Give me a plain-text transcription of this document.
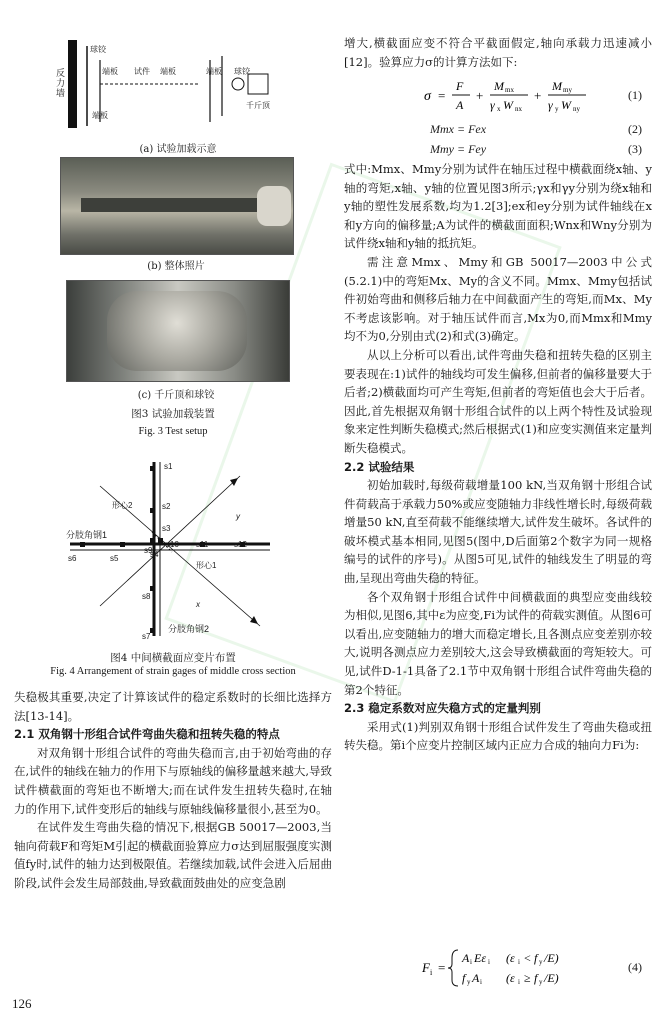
反力墙
球铰
端板 试件 端板	端板 球铰
千斤顶
端板
(a) 试验加载示意
(b) 整体照片
(c) 千斤顶和球铰
图3 试验加载装置
Fig. 3 Test setup
s1
s2
s3
s4
s5
s6
s7
s8
s9
s10 s11	s12
形心2
形心1
分肢角钢1
分肢角钢2
y
x
图4 中间横截面应变片布置
Fig. 4 Arrangement of strain gages of middle cross section

失稳极其重要,决定了计算该试件的稳定系数时的长细比选择方法[13-14]。

2.1 双角钢十形组合试件弯曲失稳和扭转失稳的特点

对双角钢十形组合试件的弯曲失稳而言,由于初始弯曲的存在,试件的轴线在轴力的作用下与原轴线的偏移量越来越大,导致试件横截面的弯矩也不断增大;而在试件发生扭转失稳时,在轴力的作用下,试件变形后的轴线与原轴线偏移量很小,甚至为0。

在试件发生弯曲失稳的情况下,根据GB 50017—2003,当轴向荷载F和弯矩M引起的横截面验算应力σ达到屈服强度实测值fy时,试件的轴力达到极限值。若继续加载,试件会进入后屈曲阶段,试件会发生局部鼓曲,导致截面鼓曲处的应变急剧

增大,横截面应变不符合平截面假定,轴向承载力迅速减小[12]。验算应力σ的计算方法如下:

σ =
F
A
+
M mx
γ x W nx
+
M my
γ y W ny
(1)
Mmx = Fex	(2)
Mmy = Fey	(3)

式中:Mmx、Mmy分别为试件在轴压过程中横截面绕x轴、y轴的弯矩,x轴、y轴的位置见图3所示;γx和γy分别为绕x轴和y轴的塑性发展系数,均为1.2[3];ex和ey分别为试件轴线在x和y方向的偏移量;A为试件的横截面面积;Wnx和Wny分别为试件绕x轴和y轴的抵抗矩。

需注意Mmx、Mmy和GB 50017—2003中公式(5.2.1)中的弯矩Mx、My的含义不同。Mmx、Mmy包括试件初始弯曲和侧移后轴力在中间截面产生的弯矩,而Mx、My不考虑该影响。对于轴压试件而言,Mx为0,而Mmx和Mmy均不为0,分别由式(2)和式(3)确定。

从以上分析可以看出,试件弯曲失稳和扭转失稳的区别主要表现在:1)试件的轴线均可发生偏移,但前者的偏移量要大于后者;2)横截面均可产生弯矩,但前者的弯矩值也会大于后者。因此,首先根据双角钢十形组合试件的以上两个特性及试验现象来定性判断失稳模式;然后根据式(1)和应变实测值来定量判断失稳模式。

2.2 试验结果

初始加载时,每级荷载增量100 kN,当双角钢十形组合试件荷载高于承载力50%或应变随轴力非线性增长时,每级荷载增量50 kN,直至荷载不能继续增大,试件发生破坏。各试件的破坏模式基本相同,见图5(图中,D后面第2个数字为同一规格编号的试件的序号)。从图5可见,试件的轴线发生了明显的弯曲,呈现出弯曲失稳的特征。

各个双角钢十形组合试件中间横截面的典型应变曲线较为相似,见图6,其中ε为应变,Fi为试件的荷载实测值。从图6可以看出,应变随轴力的增大而稳定增长,且各测点应变差别亦较大,说明各测点应力差别较大,这会导致横截面的弯矩较大。可见,试件D-1-1具备了2.1节中双角钢十形组合试件弯曲失稳的第2个特征。

2.3 稳定系数对应失稳方式的定量判别

采用式(1)判别双角钢十形组合试件发生了弯曲失稳或扭转失稳。第i个应变片控制区域内正应力合成的轴向力Fi为:

F i =
A i Eε i (ε i < f y /E)
f y A i (ε i ≥ f y /E)
(4)
126
